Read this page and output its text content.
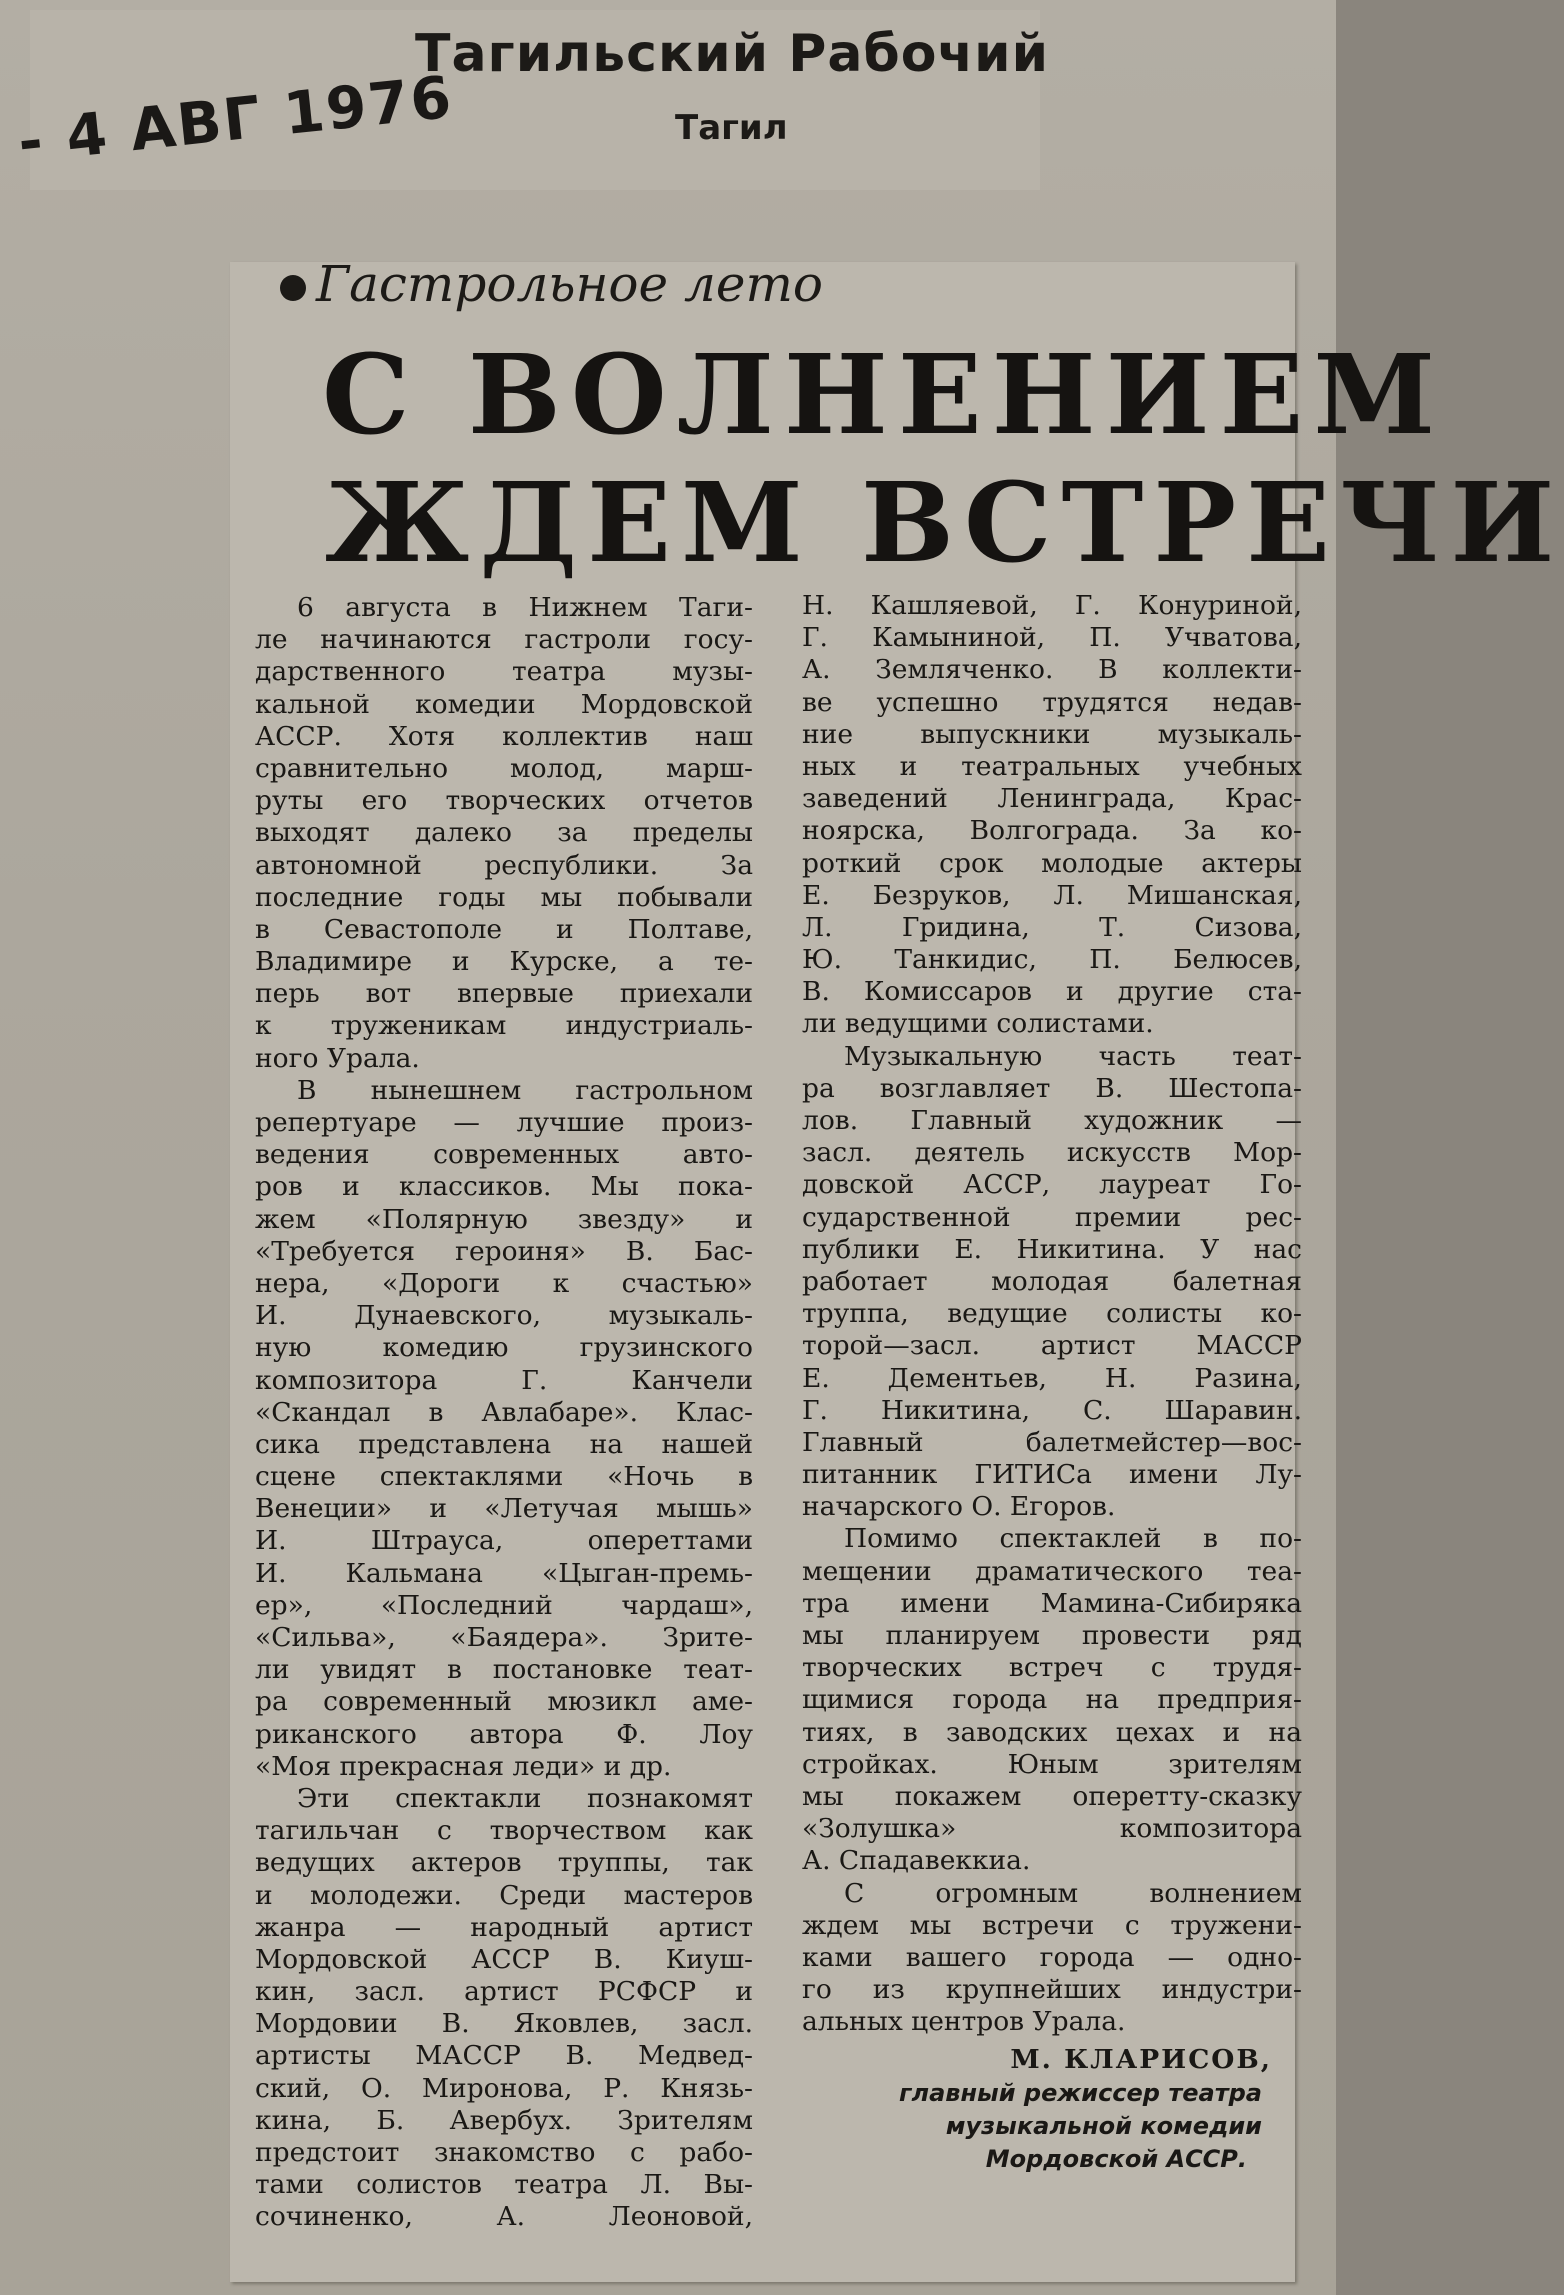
Тагильский Рабочий
Тагил
- 4 АВГ 1976
Гастрольное лето
С ВОЛНЕНИЕМ
ЖДЕМ ВСТРЕЧИ
6 августа в Нижнем Таги-
ле начинаются гастроли госу-
дарственного театра музы-
кальной комедии Мордовской
АССР. Хотя коллектив наш
сравнительно молод, марш-
руты его творческих отчетов
выходят далеко за пределы
автономной республики. За
последние годы мы побывали
в Севастополе и Полтаве,
Владимире и Курске, а те-
перь вот впервые приехали
к труженикам индустриаль-
ного Урала.
В нынешнем гастрольном
репертуаре — лучшие произ-
ведения современных авто-
ров и классиков. Мы пока-
жем «Полярную звезду» и
«Требуется героиня» В. Бас-
нера, «Дороги к счастью»
И. Дунаевского, музыкаль-
ную комедию грузинского
композитора Г. Канчели
«Скандал в Авлабаре». Клас-
сика представлена на нашей
сцене спектаклями «Ночь в
Венеции» и «Летучая мышь»
И. Штрауса, опереттами
И. Кальмана «Цыган-премь-
ер», «Последний чардаш»,
«Сильва», «Баядера». Зрите-
ли увидят в постановке теат-
ра современный мюзикл аме-
риканского автора Ф. Лоу
«Моя прекрасная леди» и др.
Эти спектакли познакомят
тагильчан с творчеством как
ведущих актеров труппы, так
и молодежи. Среди мастеров
жанра — народный артист
Мордовской АССР В. Киуш-
кин, засл. артист РСФСР и
Мордовии В. Яковлев, засл.
артисты МАССР В. Медвед-
ский, О. Миронова, Р. Князь-
кина, Б. Авербух. Зрителям
предстоит знакомство с рабо-
тами солистов театра Л. Вы-
сочиненко, А. Леоновой,
Н. Кашляевой, Г. Конуриной,
Г. Камыниной, П. Учватова,
А. Земляченко. В коллекти-
ве успешно трудятся недав-
ние выпускники музыкаль-
ных и театральных учебных
заведений Ленинграда, Крас-
ноярска, Волгограда. За ко-
роткий срок молодые актеры
Е. Безруков, Л. Мишанская,
Л. Гридина, Т. Сизова,
Ю. Танкидис, П. Белюсев,
В. Комиссаров и другие ста-
ли ведущими солистами.
Музыкальную часть теат-
ра возглавляет В. Шестопа-
лов. Главный художник —
засл. деятель искусств Мор-
довской АССР, лауреат Го-
сударственной премии рес-
публики Е. Никитина. У нас
работает молодая балетная
труппа, ведущие солисты ко-
торой—засл. артист МАССР
Е. Дементьев, Н. Разина,
Г. Никитина, С. Шаравин.
Главный балетмейстер—вос-
питанник ГИТИСа имени Лу-
начарского О. Егоров.
Помимо спектаклей в по-
мещении драматического теа-
тра имени Мамина-Сибиряка
мы планируем провести ряд
творческих встреч с трудя-
щимися города на предприя-
тиях, в заводских цехах и на
стройках. Юным зрителям
мы покажем оперетту-сказку
«Золушка» композитора
А. Спадавеккиа.
С огромным волнением
ждем мы встречи с тружени-
ками вашего города — одно-
го из крупнейших индустри-
альных центров Урала.
М. КЛАРИСОВ,
главный режиссер театра
музыкальной комедии
Мордовской АССР.
